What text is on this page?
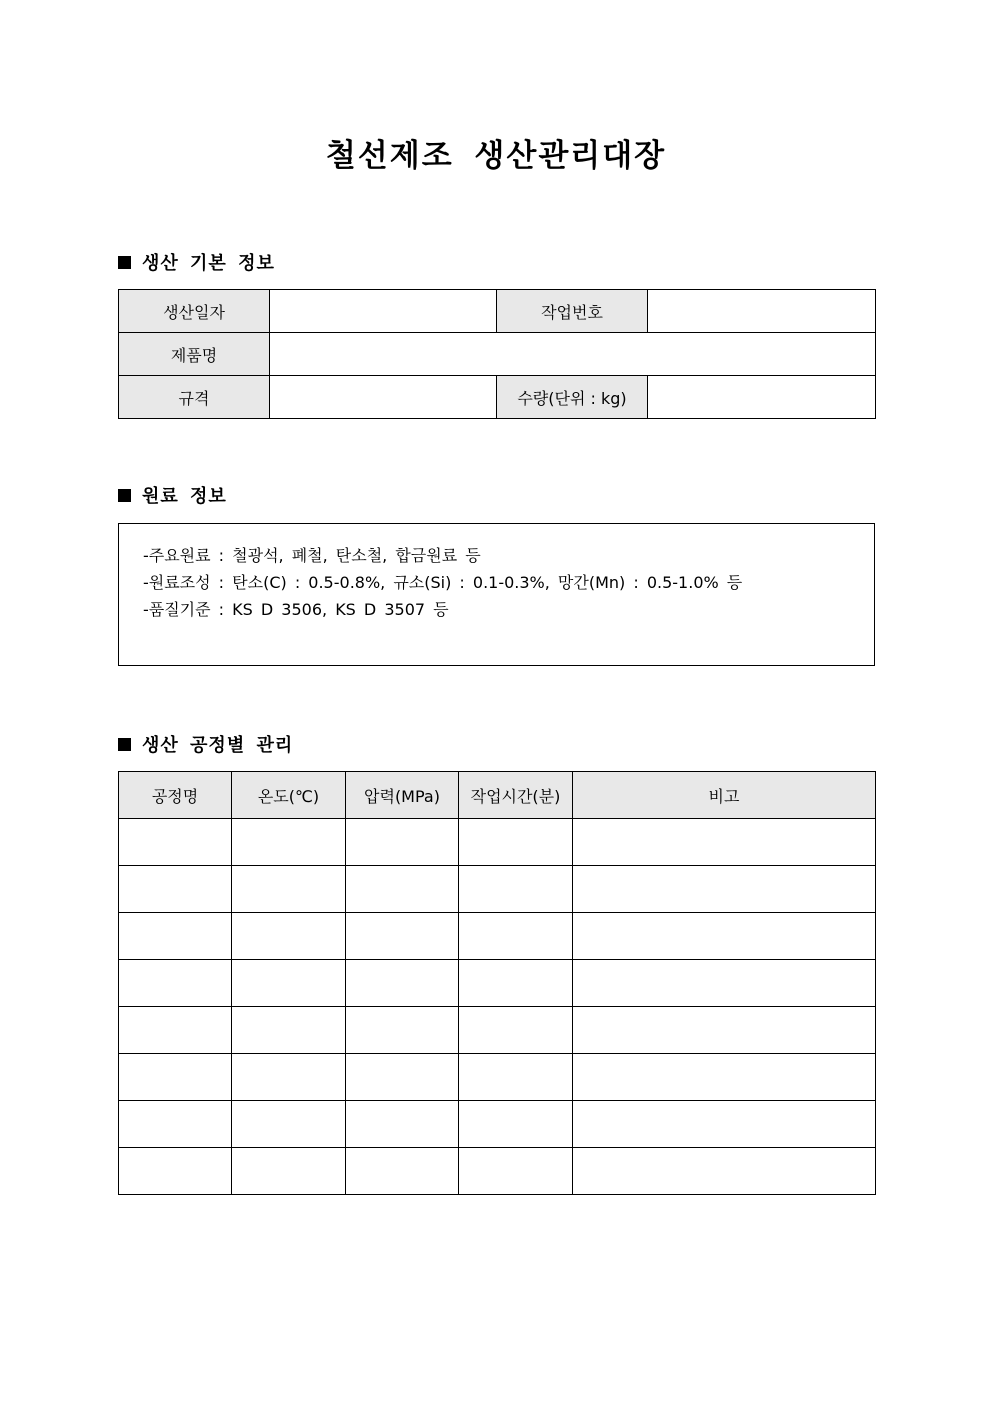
철선제조 생산관리대장
생산 기본 정보
생산일자		작업번호	
제품명			
규격		수량(단위 : kg)	
원료 정보
-주요원료 : 철광석, 폐철, 탄소철, 합금원료 등
-원료조성 : 탄소(C) : 0.5-0.8%, 규소(Si) : 0.1-0.3%, 망간(Mn) : 0.5-1.0% 등
-품질기준 : KS D 3506, KS D 3507 등
생산 공정별 관리
공정명	온도(℃)	압력(MPa)	작업시간(분)	비고
